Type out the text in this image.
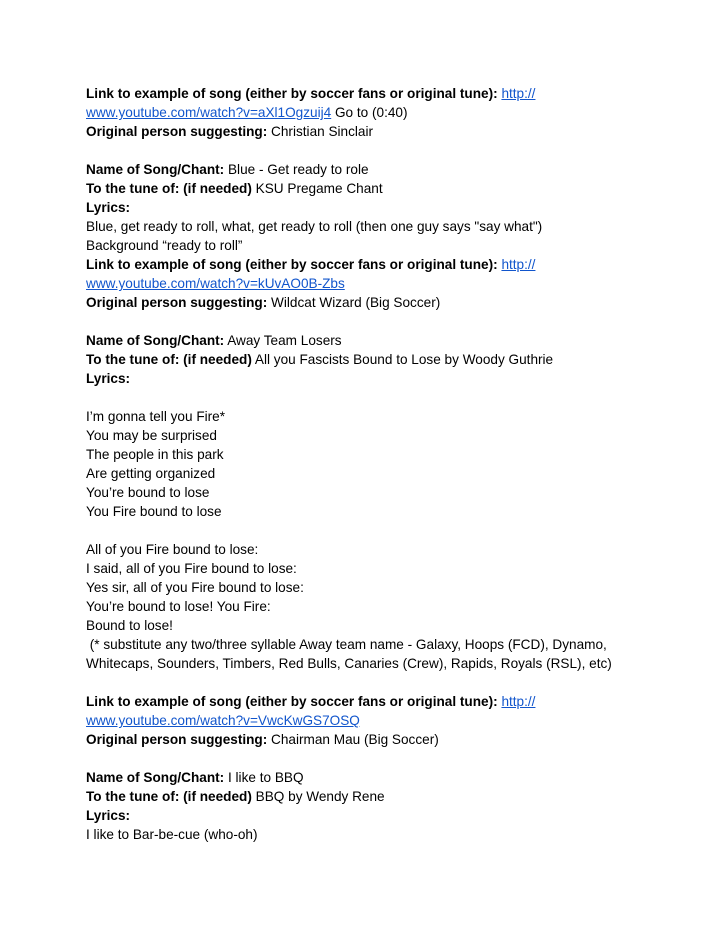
Link to example of song (either by soccer fans or original tune): http://
www.youtube.com/watch?v=aXl1Ogzuij4 Go to (0:40)
Original person suggesting: Christian Sinclair
Name of Song/Chant: Blue - Get ready to role
To the tune of: (if needed) KSU Pregame Chant
Lyrics:
Blue, get ready to roll, what, get ready to roll (then one guy says "say what")
Background “ready to roll”
Link to example of song (either by soccer fans or original tune): http://
www.youtube.com/watch?v=kUvAO0B-Zbs
Original person suggesting: Wildcat Wizard (Big Soccer)
Name of Song/Chant: Away Team Losers
To the tune of: (if needed) All you Fascists Bound to Lose by Woody Guthrie
Lyrics:
I’m gonna tell you Fire*
You may be surprised
The people in this park
Are getting organized
You’re bound to lose
You Fire bound to lose
All of you Fire bound to lose:
I said, all of you Fire bound to lose:
Yes sir, all of you Fire bound to lose:
You’re bound to lose! You Fire:
Bound to lose!
(* substitute any two/three syllable Away team name - Galaxy, Hoops (FCD), Dynamo,
Whitecaps, Sounders, Timbers, Red Bulls, Canaries (Crew), Rapids, Royals (RSL), etc)
Link to example of song (either by soccer fans or original tune): http://
www.youtube.com/watch?v=VwcKwGS7OSQ
Original person suggesting: Chairman Mau (Big Soccer)
Name of Song/Chant: I like to BBQ
To the tune of: (if needed) BBQ by Wendy Rene
Lyrics:
I like to Bar-be-cue (who-oh)
